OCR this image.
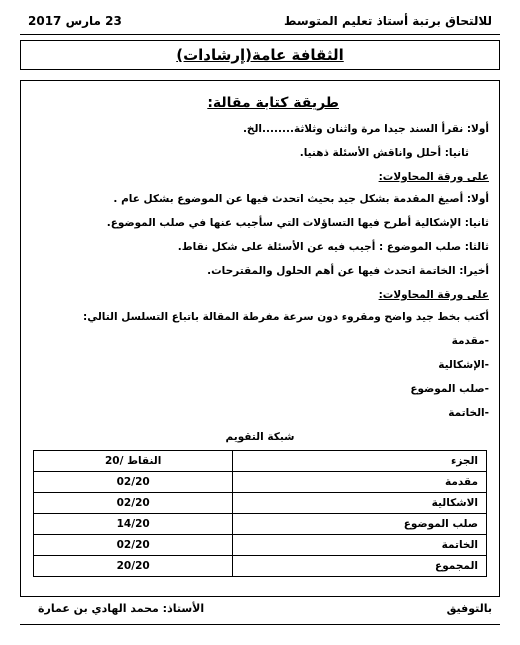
23 مارس 2017	للالتحاق برتبة أستاذ تعليم المتوسط
الثقافة عامة(إرشادات)
طريقة كتابة مقالة:
أولا: نقرأ السند جيدا مرة واثنان وثلاثة........الخ.
ثانيا: أحلل واناقش الأسئلة ذهنيا.
على ورقة المحاولات:
أولا: أصيغ المقدمة بشكل جيد بحيث اتحدث فيها عن الموضوع بشكل عام .
ثانيا: الإشكالية أطرح فيها التساؤلات التي سأجيب عنها في صلب الموضوع.
ثالثا: صلب الموضوع : أجيب فيه عن الأسئلة على شكل نقاط.
أخيرا: الخاتمة اتحدث فيها عن أهم الحلول والمقترحات.
على ورقة المحاولات:
أكتب بخط جيد واضح ومقروء دون سرعة مفرطة المقالة باتباع التسلسل التالي:
-مقدمة
-الإشكالية
-صلب الموضوع
-الخاتمة
شبكة التقويم
النقاط /20	الجزء
02/20	مقدمة
02/20	الاشكالية
14/20	صلب الموضوع
02/20	الخاتمة
20/20	المجموع
الأستاذ: محمد الهادي بن عمارة	بالتوفيق
